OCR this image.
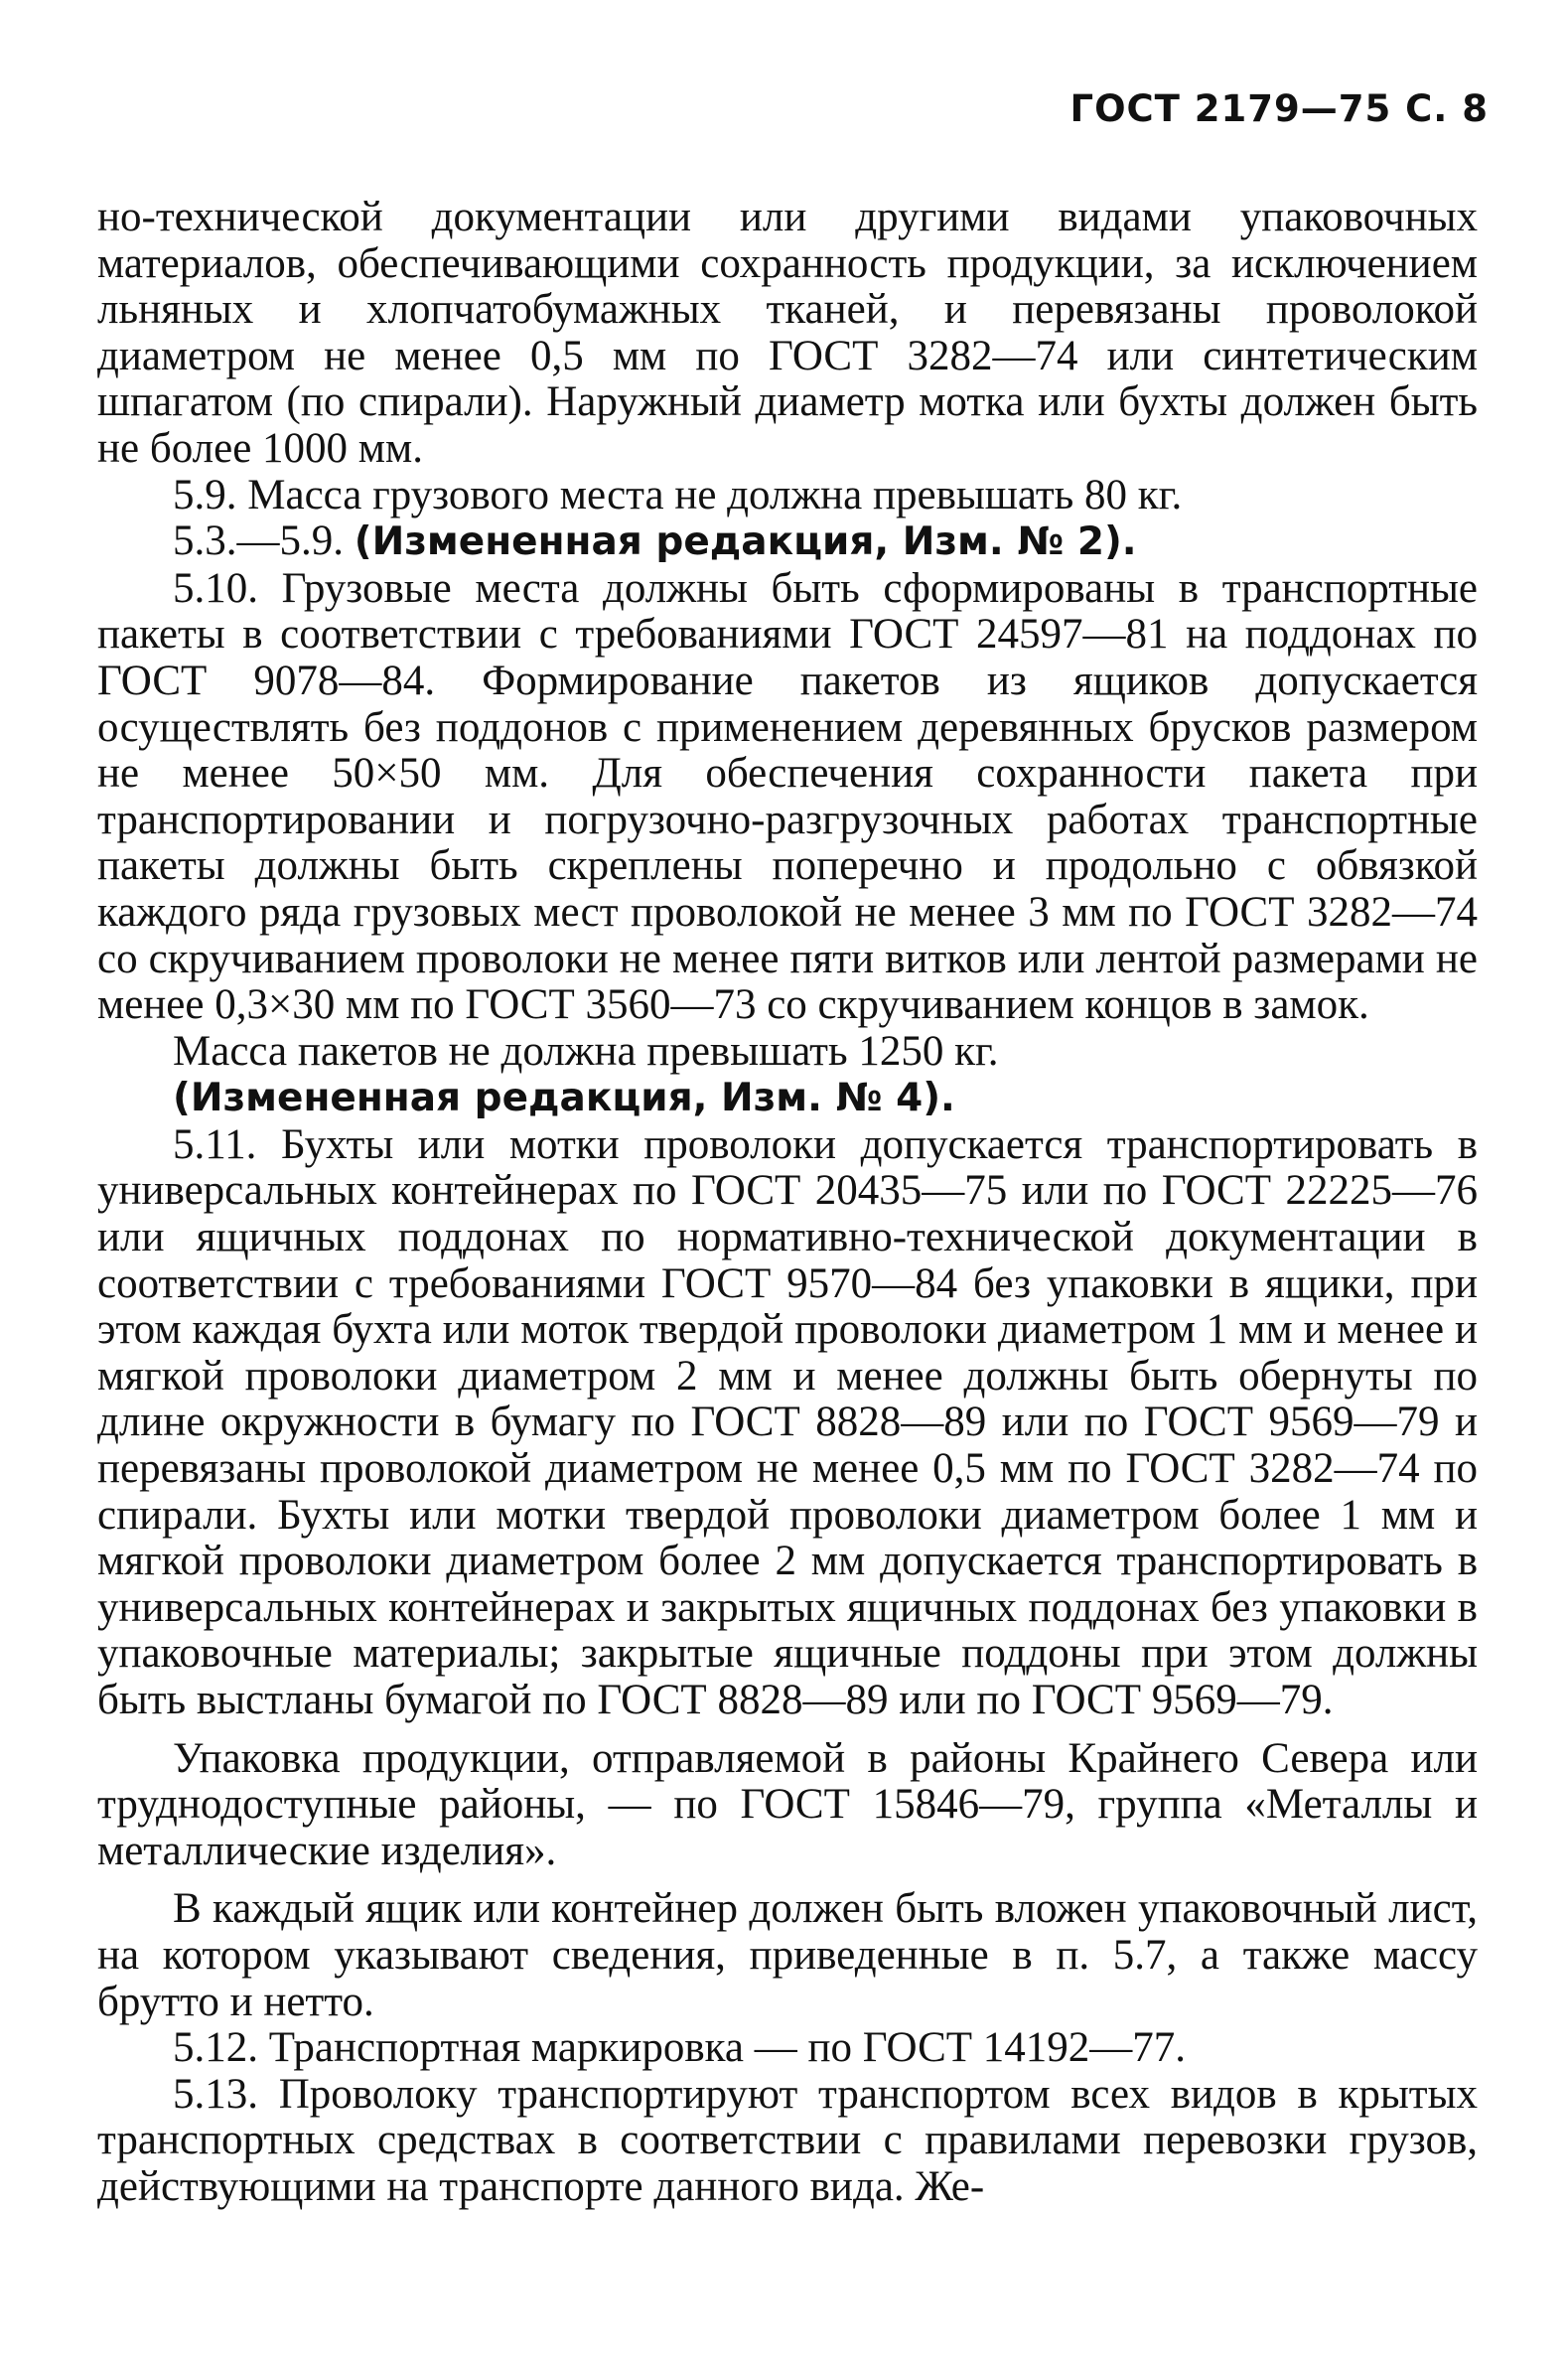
ГОСТ 2179—75 С. 8

но-технической документации или другими видами упаковочных материалов, обеспечивающими сохранность продукции, за исключением льняных и хлопчатобумажных тканей, и перевязаны проволокой диаметром не менее 0,5 мм по ГОСТ 3282—74 или синтетическим шпагатом (по спирали). Наружный диаметр мотка или бухты должен быть не более 1000 мм.

5.9. Масса грузового места не должна превышать 80 кг.

5.3.—5.9. (Измененная редакция, Изм. № 2).

5.10. Грузовые места должны быть сформированы в транспортные пакеты в соответствии с требованиями ГОСТ 24597—81 на поддонах по ГОСТ 9078—84. Формирование пакетов из ящиков допускается осуществлять без поддонов с применением деревянных брусков размером не менее 50×50 мм. Для обеспечения сохранности пакета при транспортировании и погрузочно-разгрузочных работах транспортные пакеты должны быть скреплены поперечно и продольно с обвязкой каждого ряда грузовых мест проволокой не менее 3 мм по ГОСТ 3282—74 со скручиванием проволоки не менее пяти витков или лентой размерами не менее 0,3×30 мм по ГОСТ 3560—73 со скручиванием концов в замок.

Масса пакетов не должна превышать 1250 кг.

(Измененная редакция, Изм. № 4).

5.11. Бухты или мотки проволоки допускается транспортировать в универсальных контейнерах по ГОСТ 20435—75 или по ГОСТ 22225—76 или ящичных поддонах по нормативно-технической документации в соответствии с требованиями ГОСТ 9570—84 без упаковки в ящики, при этом каждая бухта или моток твердой проволоки диаметром 1 мм и менее и мягкой проволоки диаметром 2 мм и менее должны быть обернуты по длине окружности в бумагу по ГОСТ 8828—89 или по ГОСТ 9569—79 и перевязаны проволокой диаметром не менее 0,5 мм по ГОСТ 3282—74 по спирали. Бухты или мотки твердой проволоки диаметром более 1 мм и мягкой проволоки диаметром более 2 мм допускается транспортировать в универсальных контейнерах и закрытых ящичных поддонах без упаковки в упаковочные материалы; закрытые ящичные поддоны при этом должны быть выстланы бумагой по ГОСТ 8828—89 или по ГОСТ 9569—79.

Упаковка продукции, отправляемой в районы Крайнего Севера или труднодоступные районы, — по ГОСТ 15846—79, группа «Металлы и металлические изделия».

В каждый ящик или контейнер должен быть вложен упаковочный лист, на котором указывают сведения, приведенные в п. 5.7, а также массу брутто и нетто.

5.12. Транспортная маркировка — по ГОСТ 14192—77.

5.13. Проволоку транспортируют транспортом всех видов в крытых транспортных средствах в соответствии с правилами перевозки грузов, действующими на транспорте данного вида. Же-
